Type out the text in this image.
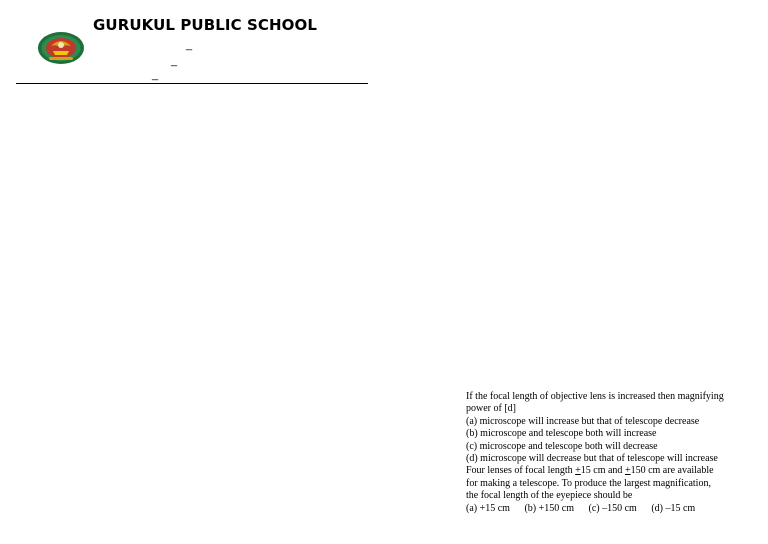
GURUKUL PUBLIC SCHOOL
_
_
_
If the focal length of objective lens is increased then magnifying
power of [d]
(a) microscope will increase but that of telescope decrease
(b) microscope and telescope both will increase
(c) microscope and telescope both will decrease
(d) microscope will decrease but that of telescope will increase
Four lenses of focal length +15 cm and +150 cm are available
for making a telescope. To produce the largest magnification,
the focal length of the eyepiece should be
(a) +15 cm (b) +150 cm (c) –150 cm (d) –15 cm
